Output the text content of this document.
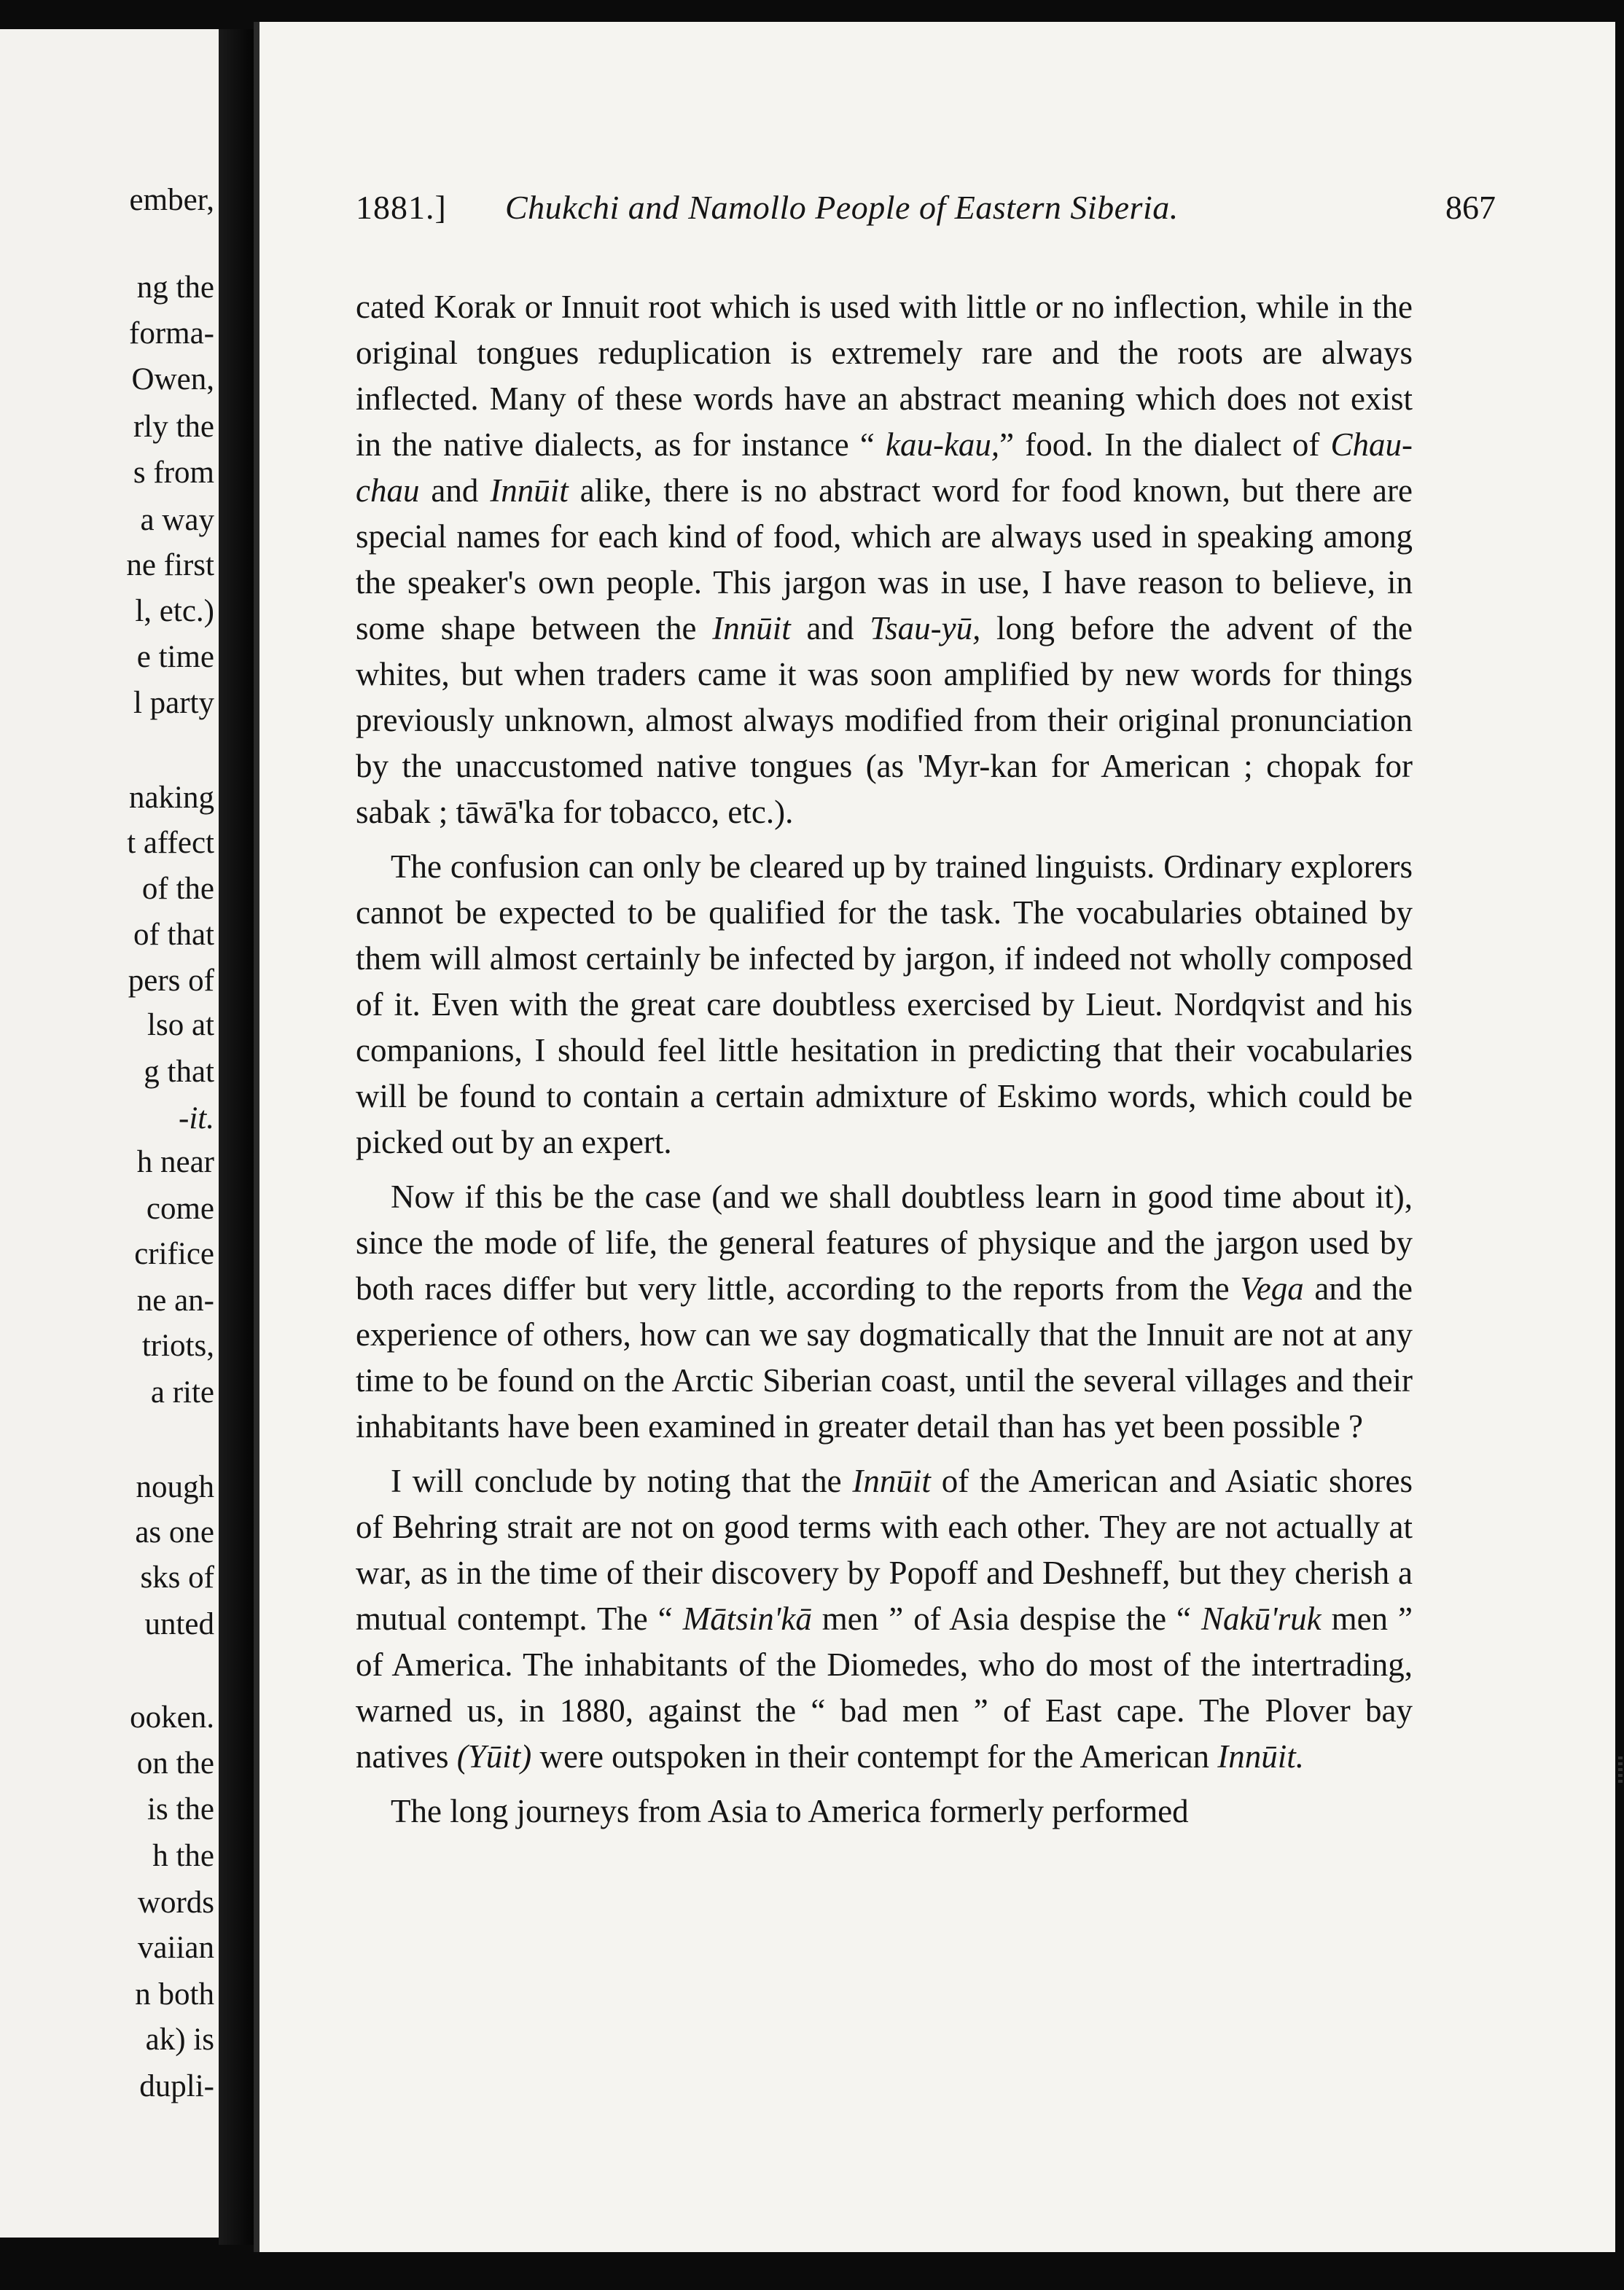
ember,
ng the
forma-
Owen,
rly the
s from
a way
ne first
l, etc.)
e time
l party
naking
t affect
of the
of that
pers of
lso at
g that
-it.
h near
come
crifice
ne an-
triots,
a rite
nough
as one
sks of
unted
ooken.
on the
is the
h the
words
vaiian
n both
ak) is
dupli-
1881.] Chukchi and Namollo People of Eastern Siberia.	867

cated Korak or Innuit root which is used with little or no inflection, while in the original tongues reduplication is extremely rare and the roots are always inflected. Many of these words have an abstract meaning which does not exist in the native dialects, as for instance “ kau-kau,” food. In the dialect of Chau-chau and Innūit alike, there is no abstract word for food known, but there are special names for each kind of food, which are always used in speaking among the speaker's own people. This jargon was in use, I have reason to believe, in some shape between the Innūit and Tsau-yū, long before the advent of the whites, but when traders came it was soon amplified by new words for things previously unknown, almost always modified from their original pronunciation by the unaccustomed native tongues (as 'Myr-kan for American ; chopak for sabak ; tāwā'ka for tobacco, etc.).

The confusion can only be cleared up by trained linguists. Ordinary explorers cannot be expected to be qualified for the task. The vocabularies obtained by them will almost certainly be infected by jargon, if indeed not wholly composed of it. Even with the great care doubtless exercised by Lieut. Nordqvist and his companions, I should feel little hesitation in predicting that their vocabularies will be found to contain a certain admixture of Eskimo words, which could be picked out by an expert.

Now if this be the case (and we shall doubtless learn in good time about it), since the mode of life, the general features of physique and the jargon used by both races differ but very little, according to the reports from the Vega and the experience of others, how can we say dogmatically that the Innuit are not at any time to be found on the Arctic Siberian coast, until the several villages and their inhabitants have been examined in greater detail than has yet been possible ?

I will conclude by noting that the Innūit of the American and Asiatic shores of Behring strait are not on good terms with each other. They are not actually at war, as in the time of their discovery by Popoff and Deshneff, but they cherish a mutual contempt. The “ Mātsin'kā men ” of Asia despise the “ Nakū'ruk men ” of America. The inhabitants of the Diomedes, who do most of the intertrading, warned us, in 1880, against the “ bad men ” of East cape. The Plover bay natives (Yūit) were outspoken in their contempt for the American Innūit.

The long journeys from Asia to America formerly performed
